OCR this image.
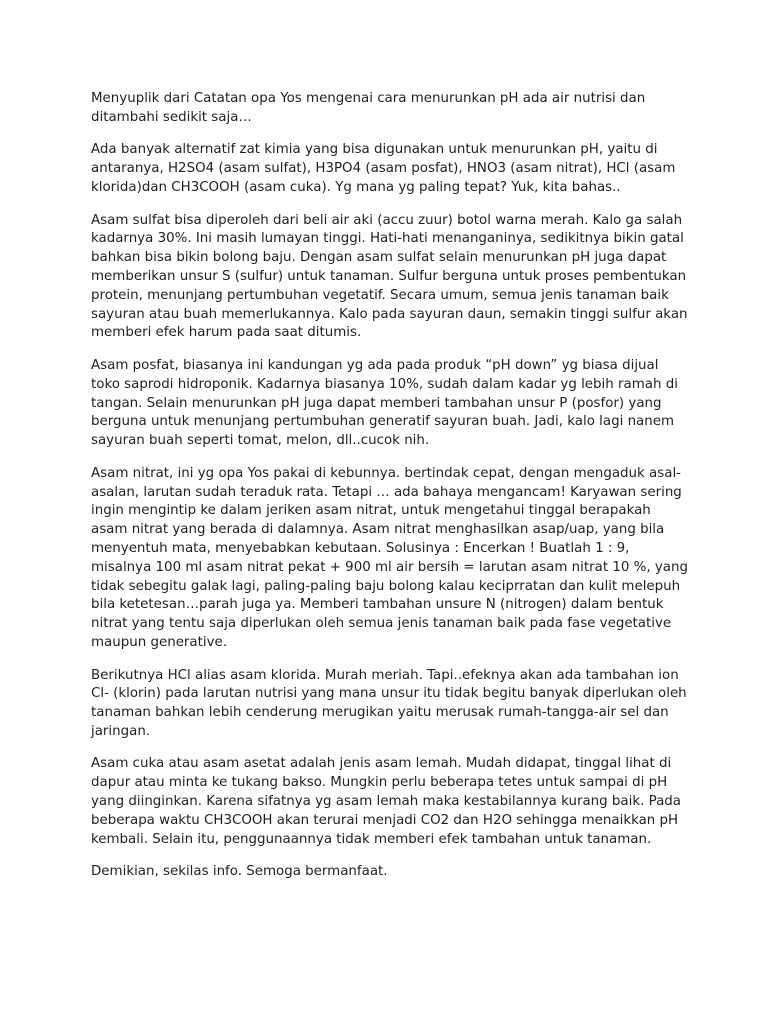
Menyuplik dari Catatan opa Yos mengenai cara menurunkan pH ada air nutrisi dan ditambahi sedikit saja…

Ada banyak alternatif zat kimia yang bisa digunakan untuk menurunkan pH, yaitu di antaranya, H2SO4 (asam sulfat), H3PO4 (asam posfat), HNO3 (asam nitrat), HCl (asam klorida)dan CH3COOH (asam cuka). Yg mana yg paling tepat? Yuk, kita bahas..

Asam sulfat bisa diperoleh dari beli air aki (accu zuur) botol warna merah. Kalo ga salah kadarnya 30%. Ini masih lumayan tinggi. Hati-hati menanganinya, sedikitnya bikin gatal bahkan bisa bikin bolong baju. Dengan asam sulfat selain menurunkan pH juga dapat memberikan unsur S (sulfur) untuk tanaman. Sulfur berguna untuk proses pembentukan protein, menunjang pertumbuhan vegetatif. Secara umum, semua jenis tanaman baik sayuran atau buah memerlukannya. Kalo pada sayuran daun, semakin tinggi sulfur akan memberi efek harum pada saat ditumis.

Asam posfat, biasanya ini kandungan yg ada pada produk “pH down” yg biasa dijual toko saprodi hidroponik. Kadarnya biasanya 10%, sudah dalam kadar yg lebih ramah di tangan. Selain menurunkan pH juga dapat memberi tambahan unsur P (posfor) yang berguna untuk menunjang pertumbuhan generatif sayuran buah. Jadi, kalo lagi nanem sayuran buah seperti tomat, melon, dll..cucok nih.

Asam nitrat, ini yg opa Yos pakai di kebunnya. bertindak cepat, dengan mengaduk asal-asalan, larutan sudah teraduk rata. Tetapi … ada bahaya mengancam! Karyawan sering ingin mengintip ke dalam jeriken asam nitrat, untuk mengetahui tinggal berapakah asam nitrat yang berada di dalamnya. Asam nitrat menghasilkan asap/uap, yang bila menyentuh mata, menyebabkan kebutaan. Solusinya : Encerkan ! Buatlah 1 : 9, misalnya 100 ml asam nitrat pekat + 900 ml air bersih = larutan asam nitrat 10 %, yang tidak sebegitu galak lagi, paling-paling baju bolong kalau keciprratan dan kulit melepuh bila ketetesan…parah juga ya. Memberi tambahan unsure N (nitrogen) dalam bentuk nitrat yang tentu saja diperlukan oleh semua jenis tanaman baik pada fase vegetative maupun generative.

Berikutnya HCl alias asam klorida. Murah meriah. Tapi..efeknya akan ada tambahan ion Cl- (klorin) pada larutan nutrisi yang mana unsur itu tidak begitu banyak diperlukan oleh tanaman bahkan lebih cenderung merugikan yaitu merusak rumah-tangga-air sel dan jaringan.

Asam cuka atau asam asetat adalah jenis asam lemah. Mudah didapat, tinggal lihat di dapur atau minta ke tukang bakso. Mungkin perlu beberapa tetes untuk sampai di pH yang diinginkan. Karena sifatnya yg asam lemah maka kestabilannya kurang baik. Pada beberapa waktu CH3COOH akan terurai menjadi CO2 dan H2O sehingga menaikkan pH kembali. Selain itu, penggunaannya tidak memberi efek tambahan untuk tanaman.

Demikian, sekilas info. Semoga bermanfaat.
